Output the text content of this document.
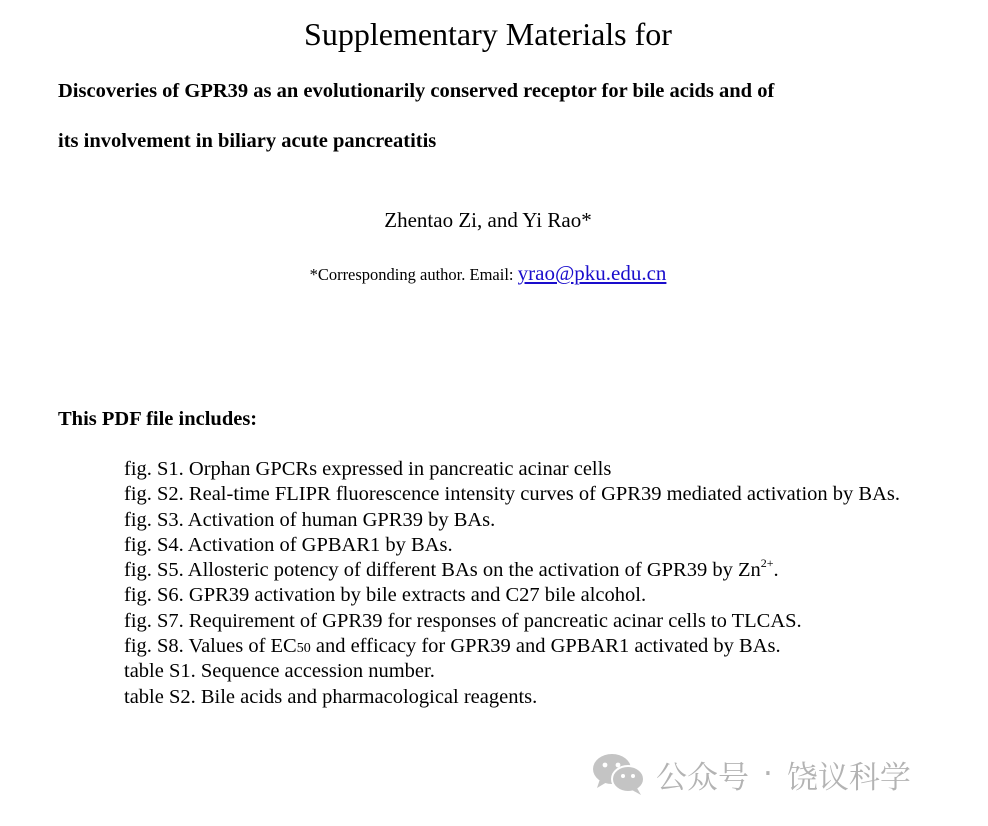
Supplementary Materials for
Discoveries of GPR39 as an evolutionarily conserved receptor for bile acids and of
its involvement in biliary acute pancreatitis
Zhentao Zi, and Yi Rao*
*Corresponding author. Email: yrao@pku.edu.cn
This PDF file includes:
fig. S1. Orphan GPCRs expressed in pancreatic acinar cells
fig. S2. Real-time FLIPR fluorescence intensity curves of GPR39 mediated activation by BAs.
fig. S3. Activation of human GPR39 by BAs.
fig. S4. Activation of GPBAR1 by BAs.
fig. S5. Allosteric potency of different BAs on the activation of GPR39 by $Zn^{2+}$.
fig. S6. GPR39 activation by bile extracts and C27 bile alcohol.
fig. S7. Requirement of GPR39 for responses of pancreatic acinar cells to TLCAS.
fig. S8. Values of EC50 and efficacy for GPR39 and GPBAR1 activated by BAs.
table S1. Sequence accession number.
table S2. Bile acids and pharmacological reagents.
公众号 · 饶议科学
